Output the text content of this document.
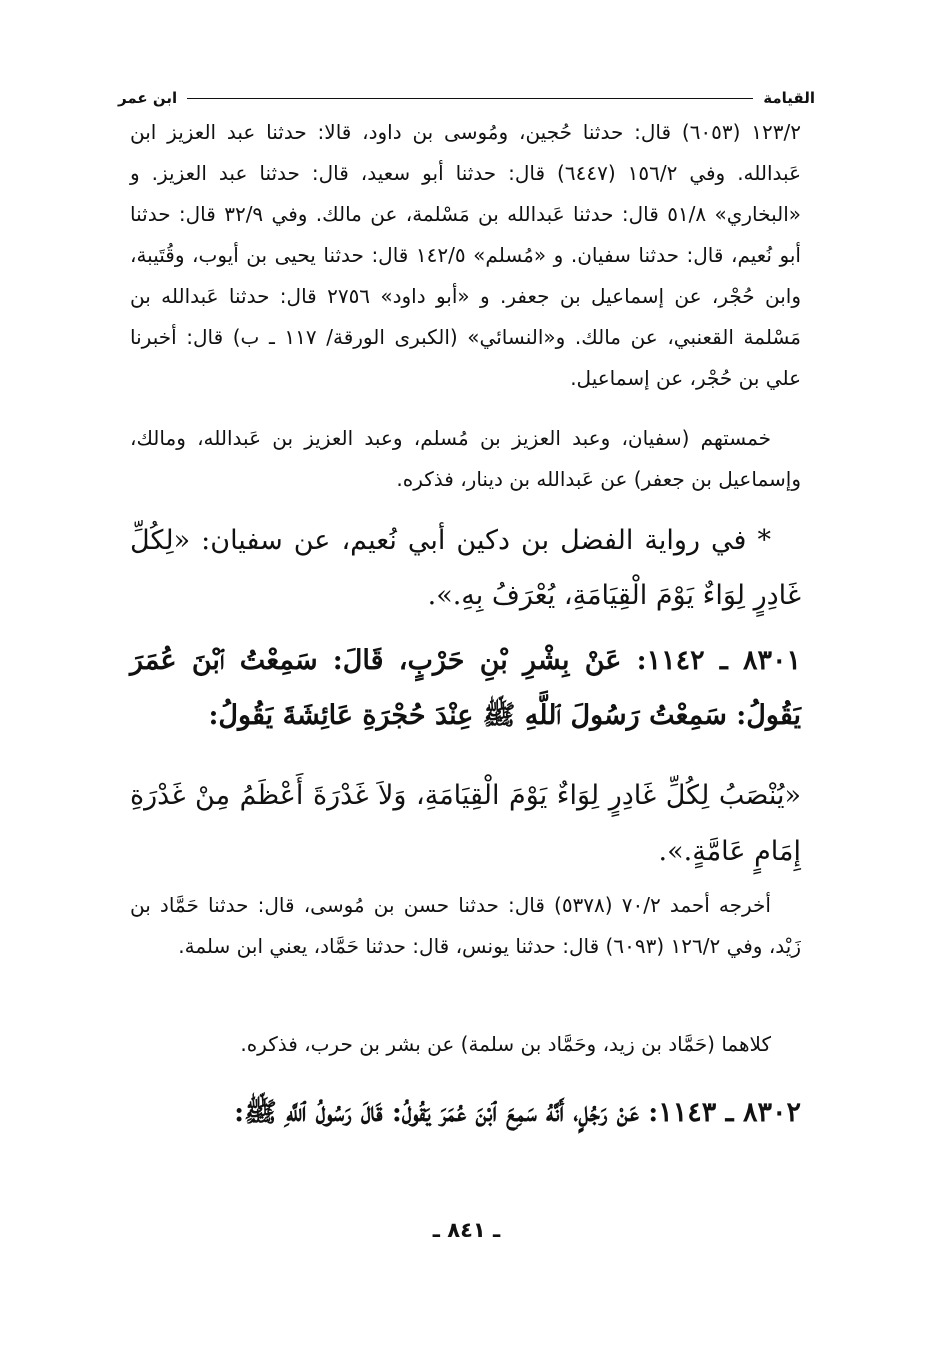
القيامة
ابن عمر

١٢٣/٢ (٦٠٥٣) قال: حدثنا حُجين، ومُوسى بن داود، قالا: حدثنا عبد العزيز ابن عَبدالله. وفي ١٥٦/٢ (٦٤٤٧) قال: حدثنا أبو سعيد، قال: حدثنا عبد العزيز. و «البخاري» ٥١/٨ قال: حدثنا عَبدالله بن مَسْلمة، عن مالك. وفي ٣٢/٩ قال: حدثنا أبو نُعيم، قال: حدثنا سفيان. و «مُسلم» ١٤٢/٥ قال: حدثنا يحيى بن أيوب، وقُتَيبة، وابن حُجْر، عن إسماعيل بن جعفر. و «أبو داود» ٢٧٥٦ قال: حدثنا عَبدالله بن مَسْلمة القعنبي، عن مالك. و«النسائي» (الكبرى الورقة/ ١١٧ ـ ب) قال: أخبرنا علي بن حُجْر، عن إسماعيل.

خمستهم (سفيان، وعبد العزيز بن مُسلم، وعبد العزيز بن عَبدالله، ومالك، وإسماعيل بن جعفر) عن عَبدالله بن دينار، فذكره.

* في رواية الفضل بن دكين أبي نُعيم، عن سفيان: «لِكُلِّ غَادِرٍ لِوَاءٌ يَوْمَ الْقِيَامَةِ، يُعْرَفُ بِهِ.».

٨٣٠١ ـ ١١٤٢: عَنْ بِشْرِ بْنِ حَرْبٍ، قَالَ: سَمِعْتُ ٱبْنَ عُمَرَ يَقُولُ: سَمِعْتُ رَسُولَ ٱللَّهِ ﷺ عِنْدَ حُجْرَةِ عَائِشَةَ يَقُولُ:

«يُنْصَبُ لِكُلِّ غَادِرٍ لِوَاءٌ يَوْمَ الْقِيَامَةِ، وَلاَ غَدْرَةَ أَعْظَمُ مِنْ غَدْرَةِ إِمَامٍ عَامَّةٍ.».

أخرجه أحمد ٧٠/٢ (٥٣٧٨) قال: حدثنا حسن بن مُوسى، قال: حدثنا حَمَّاد بن زَيْد، وفي ١٢٦/٢ (٦٠٩٣) قال: حدثنا يونس، قال: حدثنا حَمَّاد، يعني ابن سلمة.

كلاهما (حَمَّاد بن زيد، وحَمَّاد بن سلمة) عن بشر بن حرب، فذكره.

٨٣٠٢ ـ ١١٤٣: عَنْ رَجُلٍ، أَنَّهُ سَمِعَ ٱبْنَ عُمَرَ يَقُولُ: قَالَ رَسُولُ ٱللَّهِ ﷺ:

ـ ٨٤١ ـ
